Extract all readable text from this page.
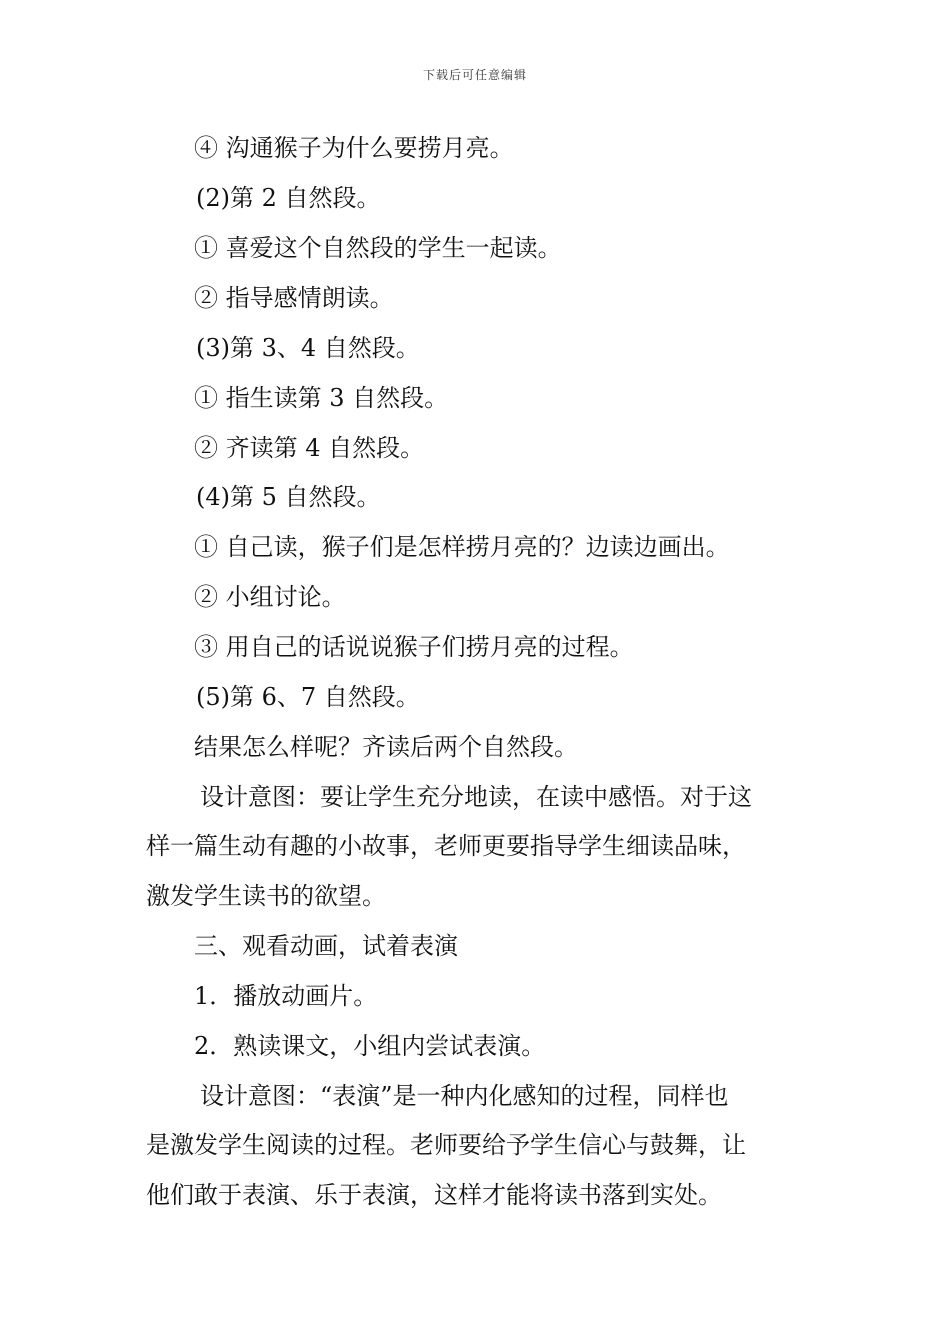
下载后可任意编辑
④ 沟通猴子为什么要捞月亮。
(2)第 2 自然段。
① 喜爱这个自然段的学生一起读。
② 指导感情朗读。
(3)第 3、4 自然段。
① 指生读第 3 自然段。
② 齐读第 4 自然段。
(4)第 5 自然段。
① 自己读，猴子们是怎样捞月亮的？边读边画出。
② 小组讨论。
③ 用自己的话说说猴子们捞月亮的过程。
(5)第 6、7 自然段。
结果怎么样呢？齐读后两个自然段。
设计意图：要让学生充分地读，在读中感悟。对于这
样一篇生动有趣的小故事，老师更要指导学生细读品味，
激发学生读书的欲望。
三、观看动画，试着表演
1．播放动画片。
2．熟读课文，小组内尝试表演。
设计意图：“表演”是一种内化感知的过程，同样也
是激发学生阅读的过程。老师要给予学生信心与鼓舞，让
他们敢于表演、乐于表演，这样才能将读书落到实处。
